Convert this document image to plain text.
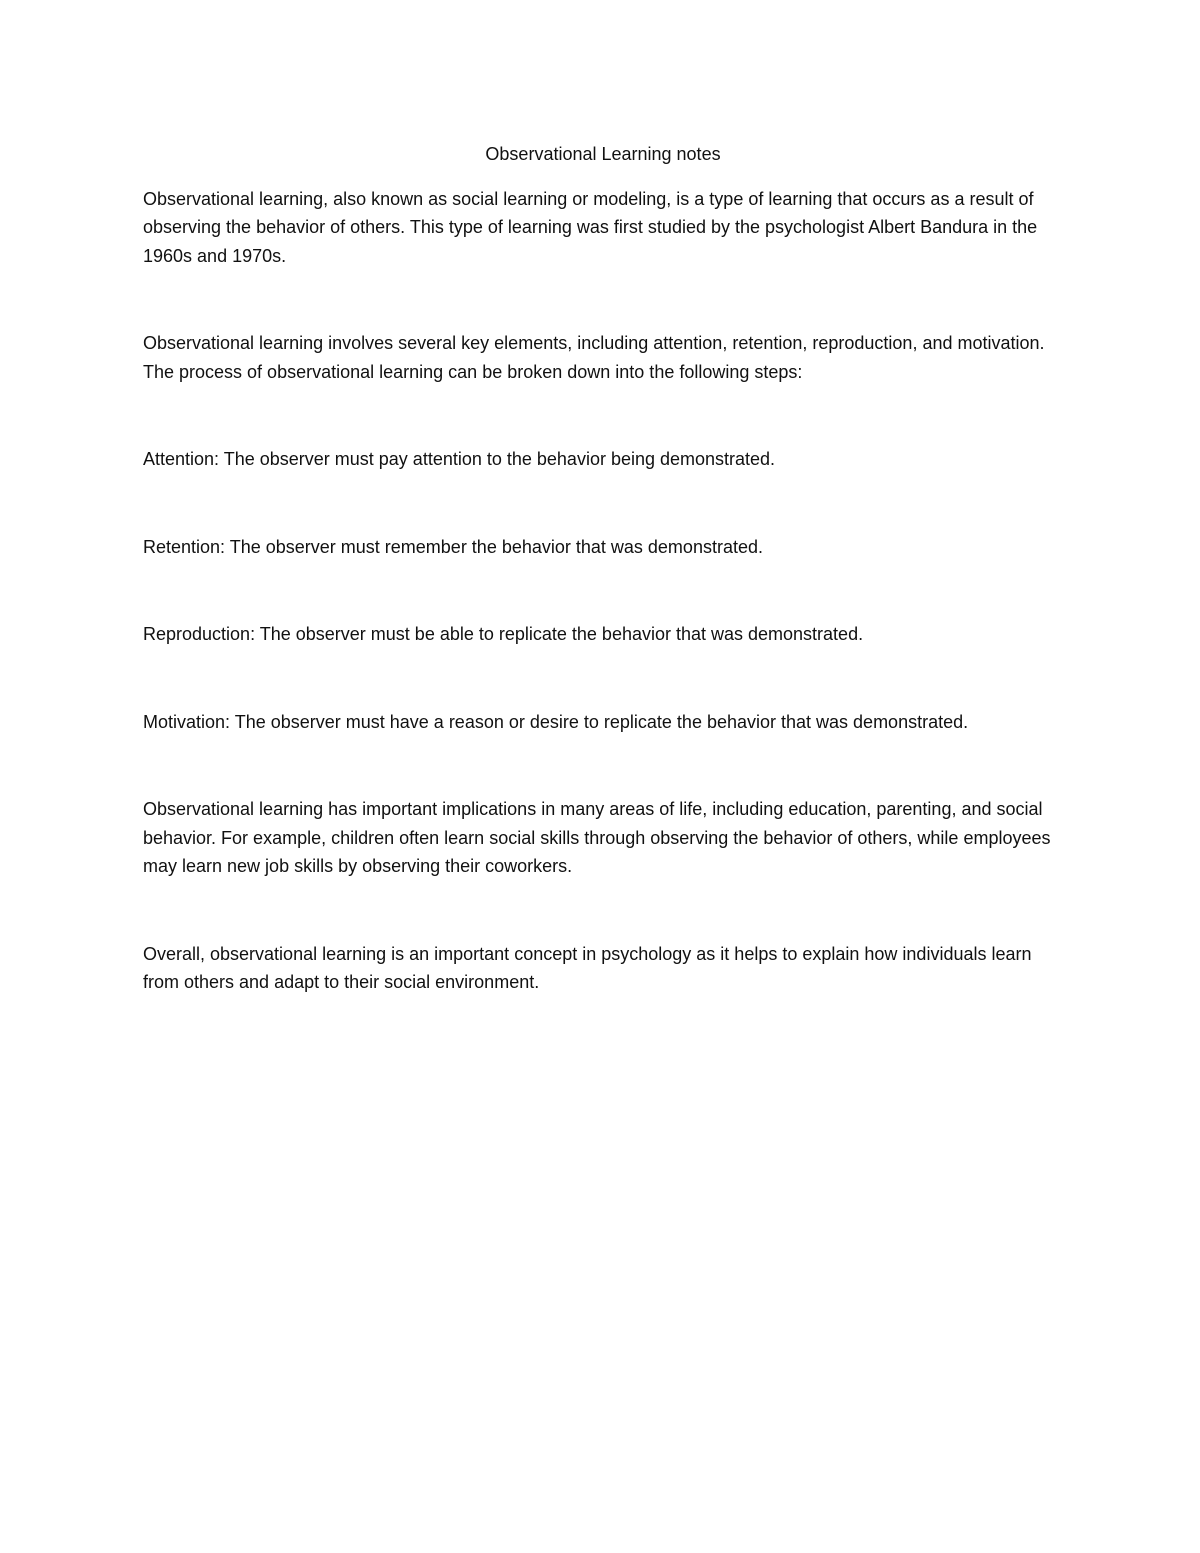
Observational Learning notes

Observational learning, also known as social learning or modeling, is a type of learning that occurs as a result of observing the behavior of others. This type of learning was first studied by the psychologist Albert Bandura in the 1960s and 1970s.

Observational learning involves several key elements, including attention, retention, reproduction, and motivation. The process of observational learning can be broken down into the following steps:

Attention: The observer must pay attention to the behavior being demonstrated.

Retention: The observer must remember the behavior that was demonstrated.

Reproduction: The observer must be able to replicate the behavior that was demonstrated.

Motivation: The observer must have a reason or desire to replicate the behavior that was demonstrated.

Observational learning has important implications in many areas of life, including education, parenting, and social behavior. For example, children often learn social skills through observing the behavior of others, while employees may learn new job skills by observing their coworkers.

Overall, observational learning is an important concept in psychology as it helps to explain how individuals learn from others and adapt to their social environment.
